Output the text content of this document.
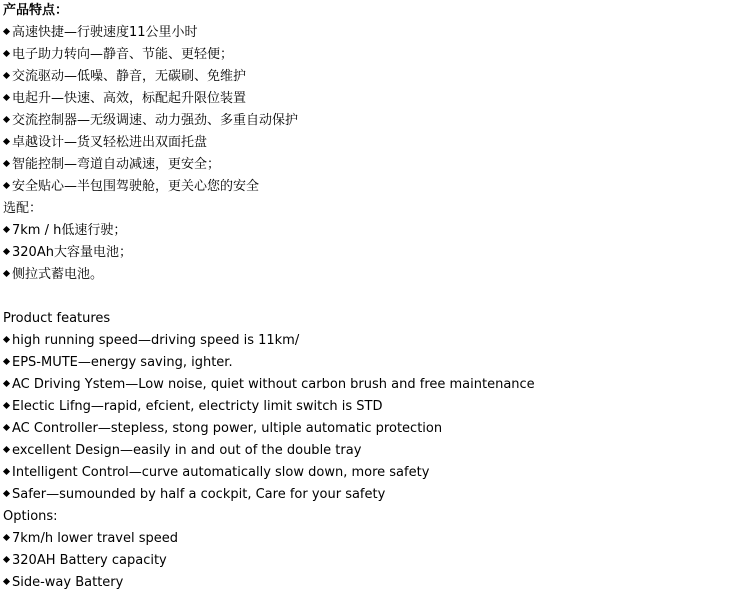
产品特点：
高速快捷—行驶速度11公里小时
电子助力转向—静音、节能、更轻便；
交流驱动—低噪、静音，无碳刷、免维护
电起升—快速、高效，标配起升限位装置
交流控制器—无级调速、动力强劲、多重自动保护
卓越设计—货叉轻松进出双面托盘
智能控制—弯道自动减速，更安全；
安全贴心—半包围驾驶舱，更关心您的安全
选配：
7km / h低速行驶；
320Ah大容量电池；
侧拉式蓄电池。
Product features
high running speed—driving speed is 11km/
EPS-MUTE—energy saving, ighter.
AC Driving Ystem—Low noise, quiet without carbon brush and free maintenance
Electic Lifng—rapid, efcient, electricty limit switch is STD
AC Controller—stepless, stong power, ultiple automatic protection
excellent Design—easily in and out of the double tray
Intelligent Control—curve automatically slow down, more safety
Safer—sumounded by half a cockpit, Care for your safety
Options:
7km/h lower travel speed
320AH Battery capacity
Side-way Battery
